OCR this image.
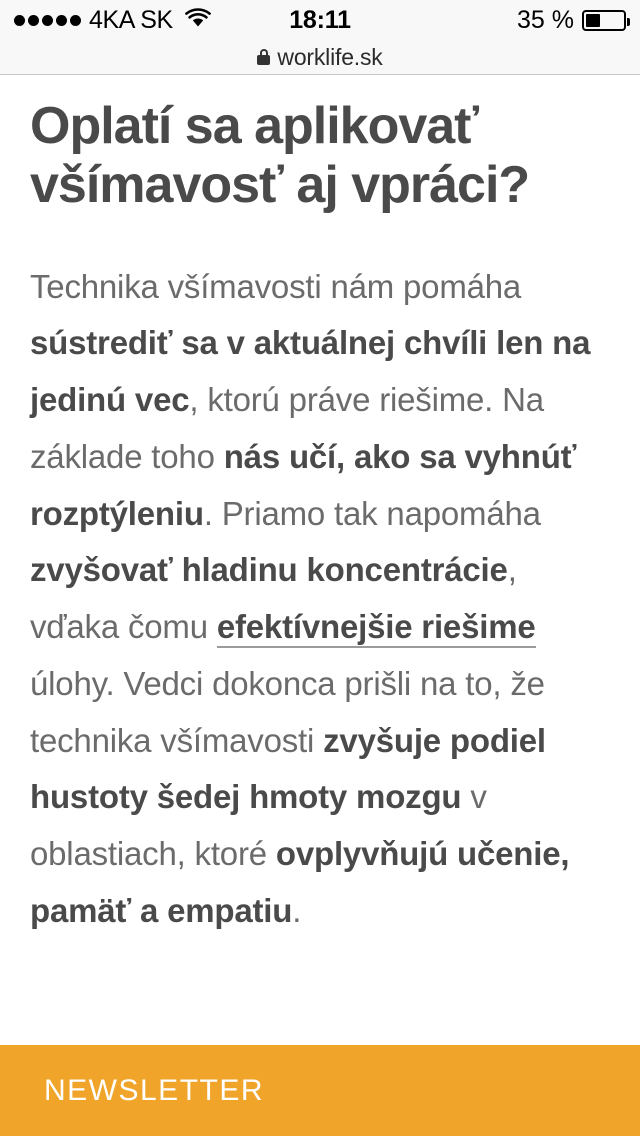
4KA SK	18:11	35 %
worklife.sk
Oplatí sa aplikovať všímavosť aj vpráci?
Technika všímavosti nám pomáha sústrediť sa v aktuálnej chvíli len na jedinú vec, ktorú práve riešime. Na základe toho nás učí, ako sa vyhnúť rozptýleniu. Priamo tak napomáha zvyšovať hladinu koncentrácie, vďaka čomu efektívnejšie riešime úlohy. Vedci dokonca prišli na to, že technika všímavosti zvyšuje podiel hustoty šedej hmoty mozgu v oblastiach, ktoré ovplyvňujú učenie, pamäť a empatiu.
NEWSLETTER
